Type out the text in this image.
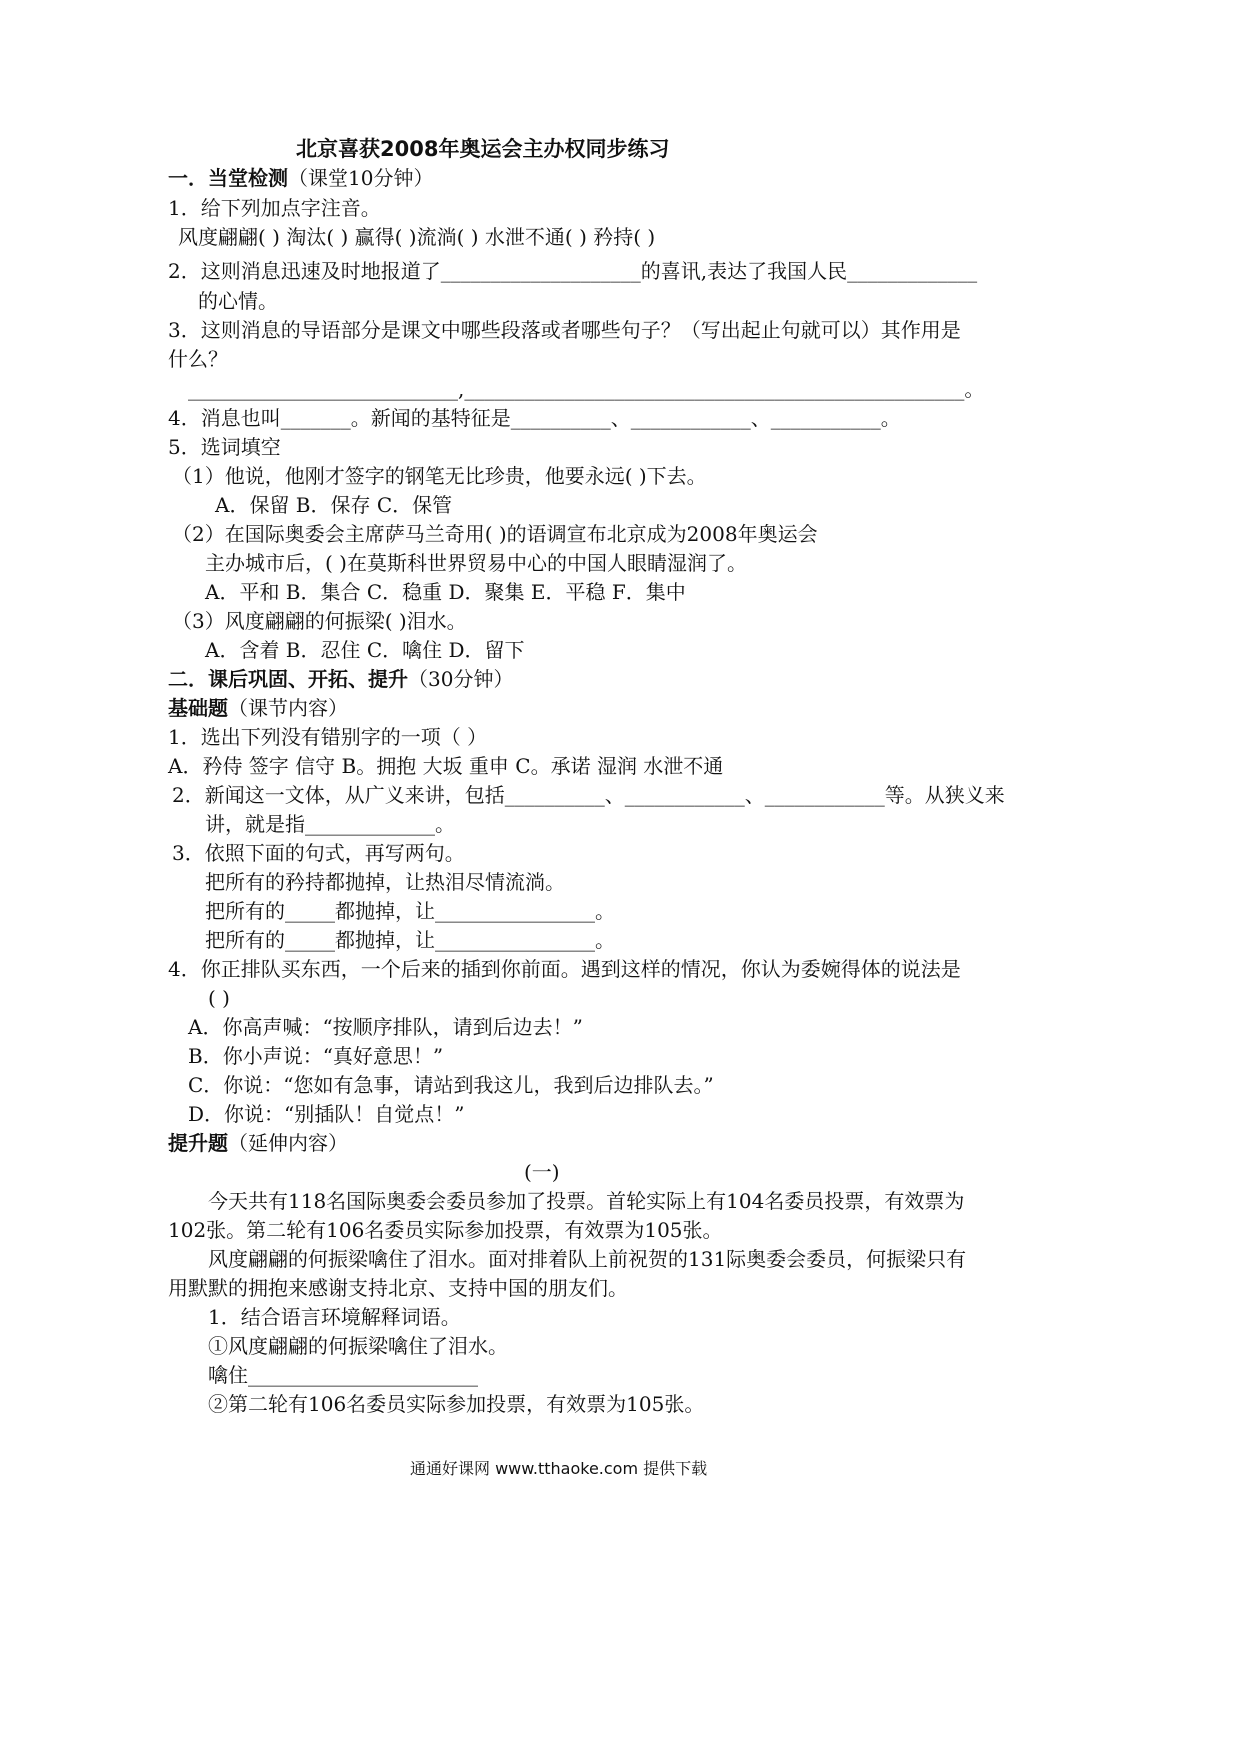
北京喜获2008年奥运会主办权同步练习
一．当堂检测（课堂10分钟）
1．给下列加点字注音。
风度翩翩( ) 淘汰( ) 赢得( )流淌( ) 水泄不通( ) 矜持( )
2．这则消息迅速及时地报道了____________________的喜讯,表达了我国人民_____________
的心情。
3．这则消息的导语部分是课文中哪些段落或者哪些句子？（写出起止句就可以）其作用是
什么？
___________________________,__________________________________________________。
4．消息也叫_______。新闻的基特征是__________、____________、___________。
5．选词填空
（1）他说，他刚才签字的钢笔无比珍贵，他要永远( )下去。
A．保留 B．保存 C．保管
（2）在国际奥委会主席萨马兰奇用( )的语调宣布北京成为2008年奥运会
主办城市后，( )在莫斯科世界贸易中心的中国人眼睛湿润了。
A．平和 B．集合 C．稳重 D．聚集 E．平稳 F．集中
（3）风度翩翩的何振梁( )泪水。
A．含着 B．忍住 C．噙住 D．留下
二．课后巩固、开拓、提升（30分钟）
基础题（课节内容）
1．选出下列没有错别字的一项（ ）
A．矜侍 签字 信守 B。拥抱 大坂 重申 C。承诺 湿润 水泄不通
2．新闻这一文体，从广义来讲，包括__________、____________、____________等。从狭义来
讲，就是指_____________。
3．依照下面的句式，再写两句。
把所有的矜持都抛掉，让热泪尽情流淌。
把所有的_____都抛掉，让________________。
把所有的_____都抛掉，让________________。
4．你正排队买东西，一个后来的插到你前面。遇到这样的情况，你认为委婉得体的说法是
( )
A．你高声喊：“按顺序排队，请到后边去！”
B．你小声说：“真好意思！”
C．你说：“您如有急事，请站到我这儿，我到后边排队去。”
D．你说：“别插队！自觉点！”
提升题（延伸内容）
(一)
今天共有118名国际奥委会委员参加了投票。首轮实际上有104名委员投票，有效票为
102张。第二轮有106名委员实际参加投票，有效票为105张。
风度翩翩的何振梁噙住了泪水。面对排着队上前祝贺的131际奥委会委员，何振梁只有
用默默的拥抱来感谢支持北京、支持中国的朋友们。
1．结合语言环境解释词语。
①风度翩翩的何振梁噙住了泪水。
噙住_______________________
②第二轮有106名委员实际参加投票，有效票为105张。
通通好课网 www.tthaoke.com 提供下载
